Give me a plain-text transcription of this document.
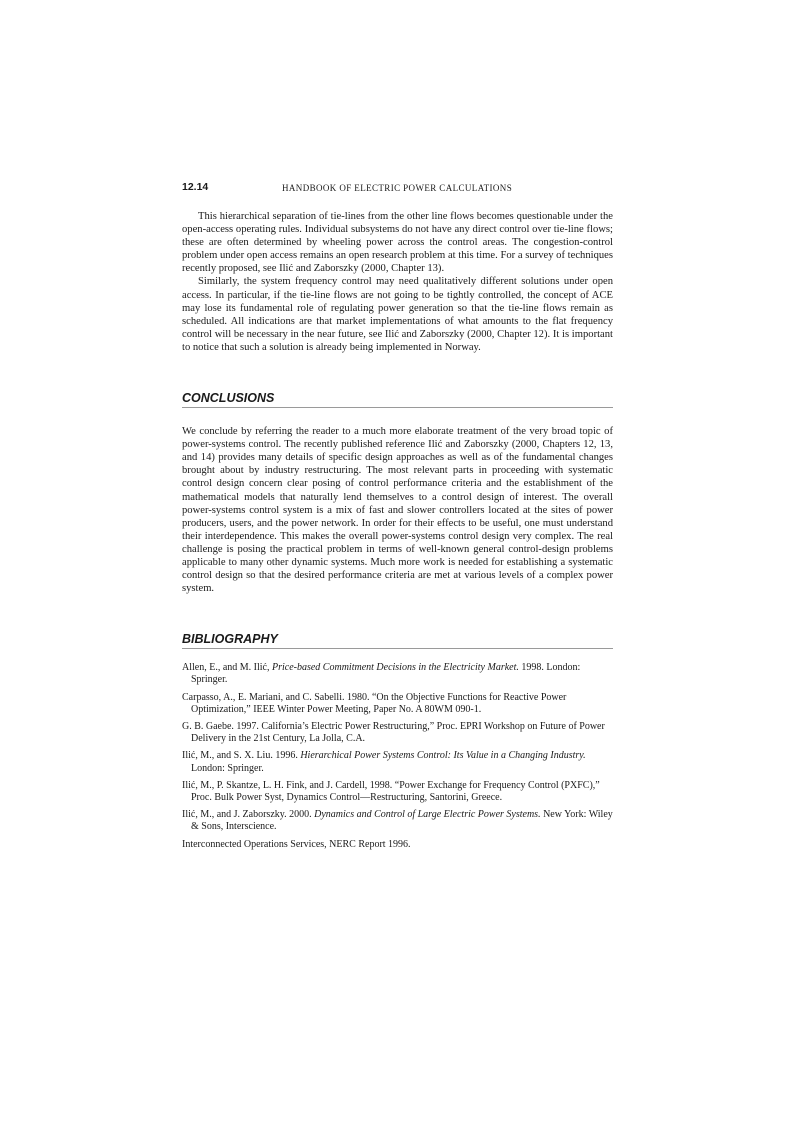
12.14	HANDBOOK OF ELECTRIC POWER CALCULATIONS

This hierarchical separation of tie-lines from the other line flows becomes questionable under the open-access operating rules. Individual subsystems do not have any direct control over tie-line flows; these are often determined by wheeling power across the control areas. The congestion-control problem under open access remains an open research problem at this time. For a survey of techniques recently proposed, see Ilić and Zaborszky (2000, Chapter 13).

Similarly, the system frequency control may need qualitatively different solutions under open access. In particular, if the tie-line flows are not going to be tightly controlled, the concept of ACE may lose its fundamental role of regulating power generation so that the tie-line flows remain as scheduled. All indications are that market implementations of what amounts to the flat frequency control will be necessary in the near future, see Ilić and Zaborszky (2000, Chapter 12). It is important to notice that such a solution is already being implemented in Norway.

CONCLUSIONS

We conclude by referring the reader to a much more elaborate treatment of the very broad topic of power-systems control. The recently published reference Ilić and Zaborszky (2000, Chapters 12, 13, and 14) provides many details of specific design approaches as well as of the fundamental changes brought about by industry restructuring. The most relevant parts in proceeding with systematic control design concern clear posing of control performance criteria and the establishment of the mathematical models that naturally lend themselves to a control design of interest. The overall power-systems control system is a mix of fast and slower controllers located at the sites of power producers, users, and the power network. In order for their effects to be useful, one must understand their interdependence. This makes the overall power-systems control design very complex. The real challenge is posing the practical problem in terms of well-known general control-design problems applicable to many other dynamic systems. Much more work is needed for establishing a systematic control design so that the desired performance criteria are met at various levels of a complex power system.

BIBLIOGRAPHY
Allen, E., and M. Ilić, Price-based Commitment Decisions in the Electricity Market. 1998. London: Springer.
Carpasso, A., E. Mariani, and C. Sabelli. 1980. “On the Objective Functions for Reactive Power Optimization,” IEEE Winter Power Meeting, Paper No. A 80WM 090-1.
G. B. Gaebe. 1997. California’s Electric Power Restructuring,” Proc. EPRI Workshop on Future of Power Delivery in the 21st Century, La Jolla, C.A.
Ilić, M., and S. X. Liu. 1996. Hierarchical Power Systems Control: Its Value in a Changing Industry. London: Springer.
Ilić, M., P. Skantze, L. H. Fink, and J. Cardell, 1998. “Power Exchange for Frequency Control (PXFC),” Proc. Bulk Power Syst, Dynamics Control—Restructuring, Santorini, Greece.
Ilić, M., and J. Zaborszky. 2000. Dynamics and Control of Large Electric Power Systems. New York: Wiley & Sons, Interscience.
Interconnected Operations Services, NERC Report 1996.
